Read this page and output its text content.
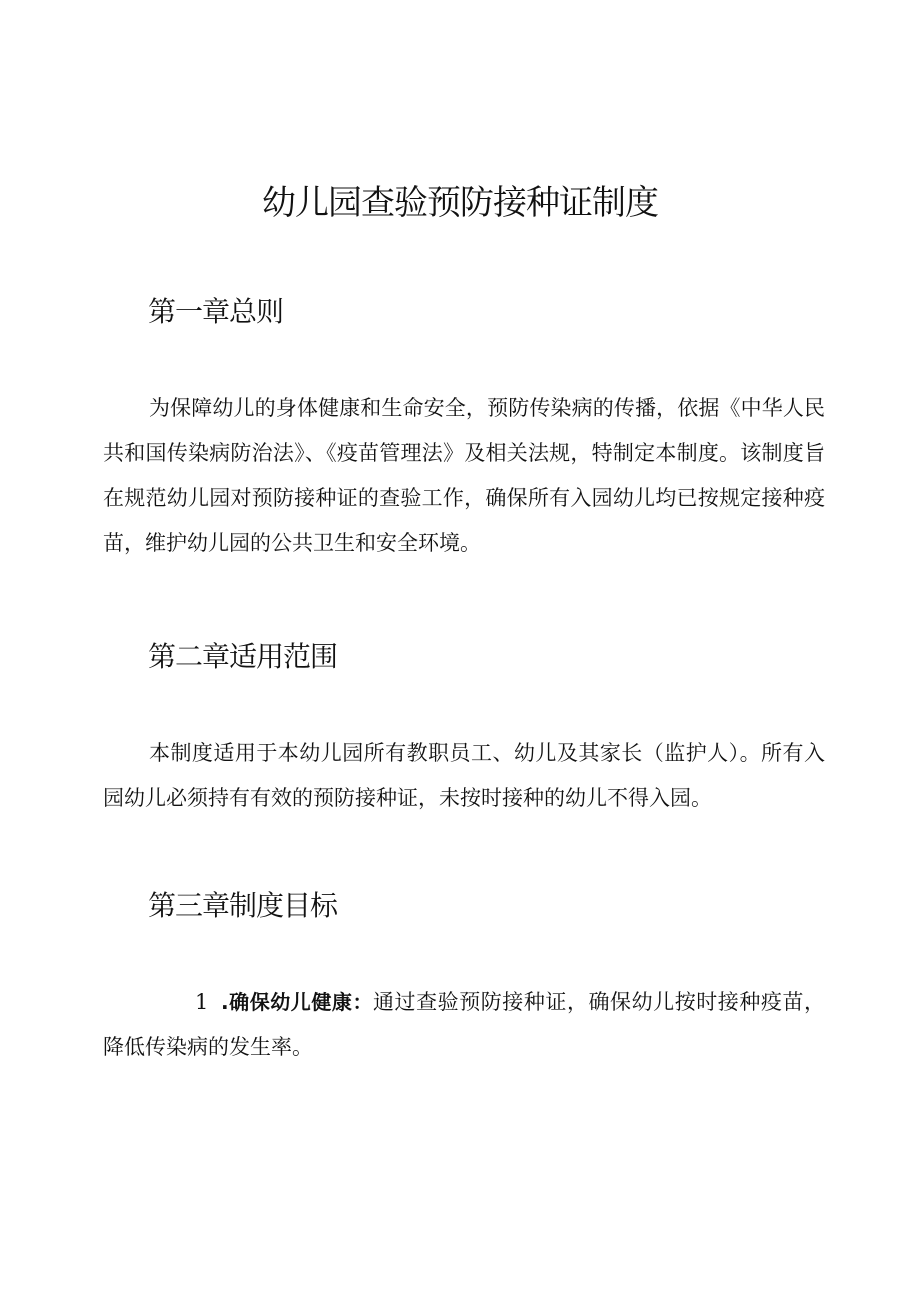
幼儿园查验预防接种证制度
第一章总则

为保障幼儿的身体健康和生命安全，预防传染病的传播，依据《中华人民共和国传染病防治法》、《疫苗管理法》及相关法规，特制定本制度。该制度旨在规范幼儿园对预防接种证的查验工作，确保所有入园幼儿均已按规定接种疫苗，维护幼儿园的公共卫生和安全环境。

第二章适用范围

本制度适用于本幼儿园所有教职员工、幼儿及其家长（监护人）。所有入园幼儿必须持有有效的预防接种证，未按时接种的幼儿不得入园。

第三章制度目标

1 .确保幼儿健康：通过查验预防接种证，确保幼儿按时接种疫苗，降低传染病的发生率。
